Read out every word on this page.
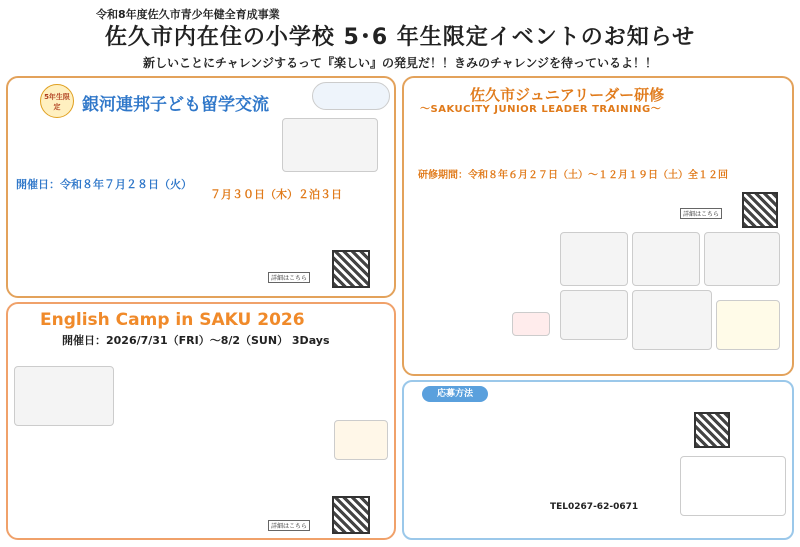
令和8年度佐久市青少年健全育成事業
佐久市内在住の小学校 5･6 年生限定イベントのお知らせ
新しいことにチャレンジするって『楽しい』の発見だ！！きみのチャレンジを待っているよ！！
5年生限定	銀河連邦子ども留学交流
開催日：令和８年７月２８日（火）
７月３０日（木）２泊３日
詳細はこちら
English Camp in SAKU 2026
開催日：2026/7/31（FRI）～8/2（SUN） 3Days
詳細はこちら
佐久市ジュニアリーダー研修
～SAKUCITY JUNIOR LEADER TRAINING～
研修期間：令和８年６月２７日（土）～１２月１９日（土）全１２回
詳細はこちら
応募方法
TEL0267-62-0671
